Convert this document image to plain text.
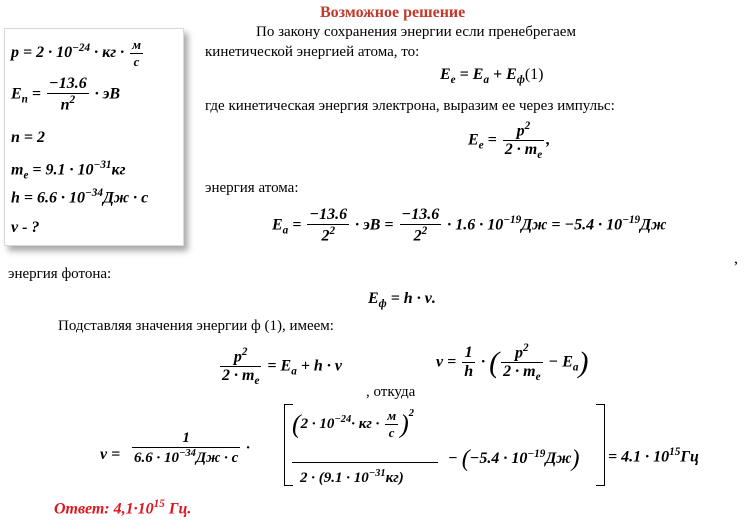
Возможное решение
$p = 2 \cdot 10^{-24}$ · кг · $\frac{м}{с}$
$E_n = \frac{-13.6}{n^2}$ · эВ
n = 2
$m_e = 9.1 \cdot 10^{-31}кг$
$h = 6.6 \cdot 10^{-34}Дж \cdot с$
ν - ?
По закону сохранения энергии если пренебрегаем
кинетической энергией атома, то:
$E_e = E_a + E_ф(1)$
где кинетическая энергия электрона, выразим ее через импульс:
$E_e = \frac{p^2}{2 \cdot m_e}$ ,
энергия атома:
$E_a = \frac{-13.6}{2^2}$ · эВ = $\frac{-13.6}{2^2} \cdot 1.6 \cdot 10^{-19}Дж = -5.4 \cdot 10^{-19}Дж$
,
энергия фотона:
$E_ф = h \cdot \nu$.
Подставляя значения энергии ф (1), имеем:
$\frac{p^2}{2 \cdot m_e} = E_a + h \cdot \nu$	$\nu = \frac{1}{h}$ · ( $\frac{p^2}{2 \cdot m_e} - E_a$)
, откуда
$\nu = \frac{1}{6.6 \cdot 10^{-34}Дж \cdot с}$ ·
($2 \cdot 10^{-24}\cdot$ кг · $\frac{м}{с} )^2$
$2 \cdot (9.1 \cdot 10^{-31}кг)$
− $(-5.4 \cdot 10^{-19}Дж) = 4.1 \cdot 10^{15}Гц$
Ответ: $4,1\cdot 10^{15}$ Гц.
